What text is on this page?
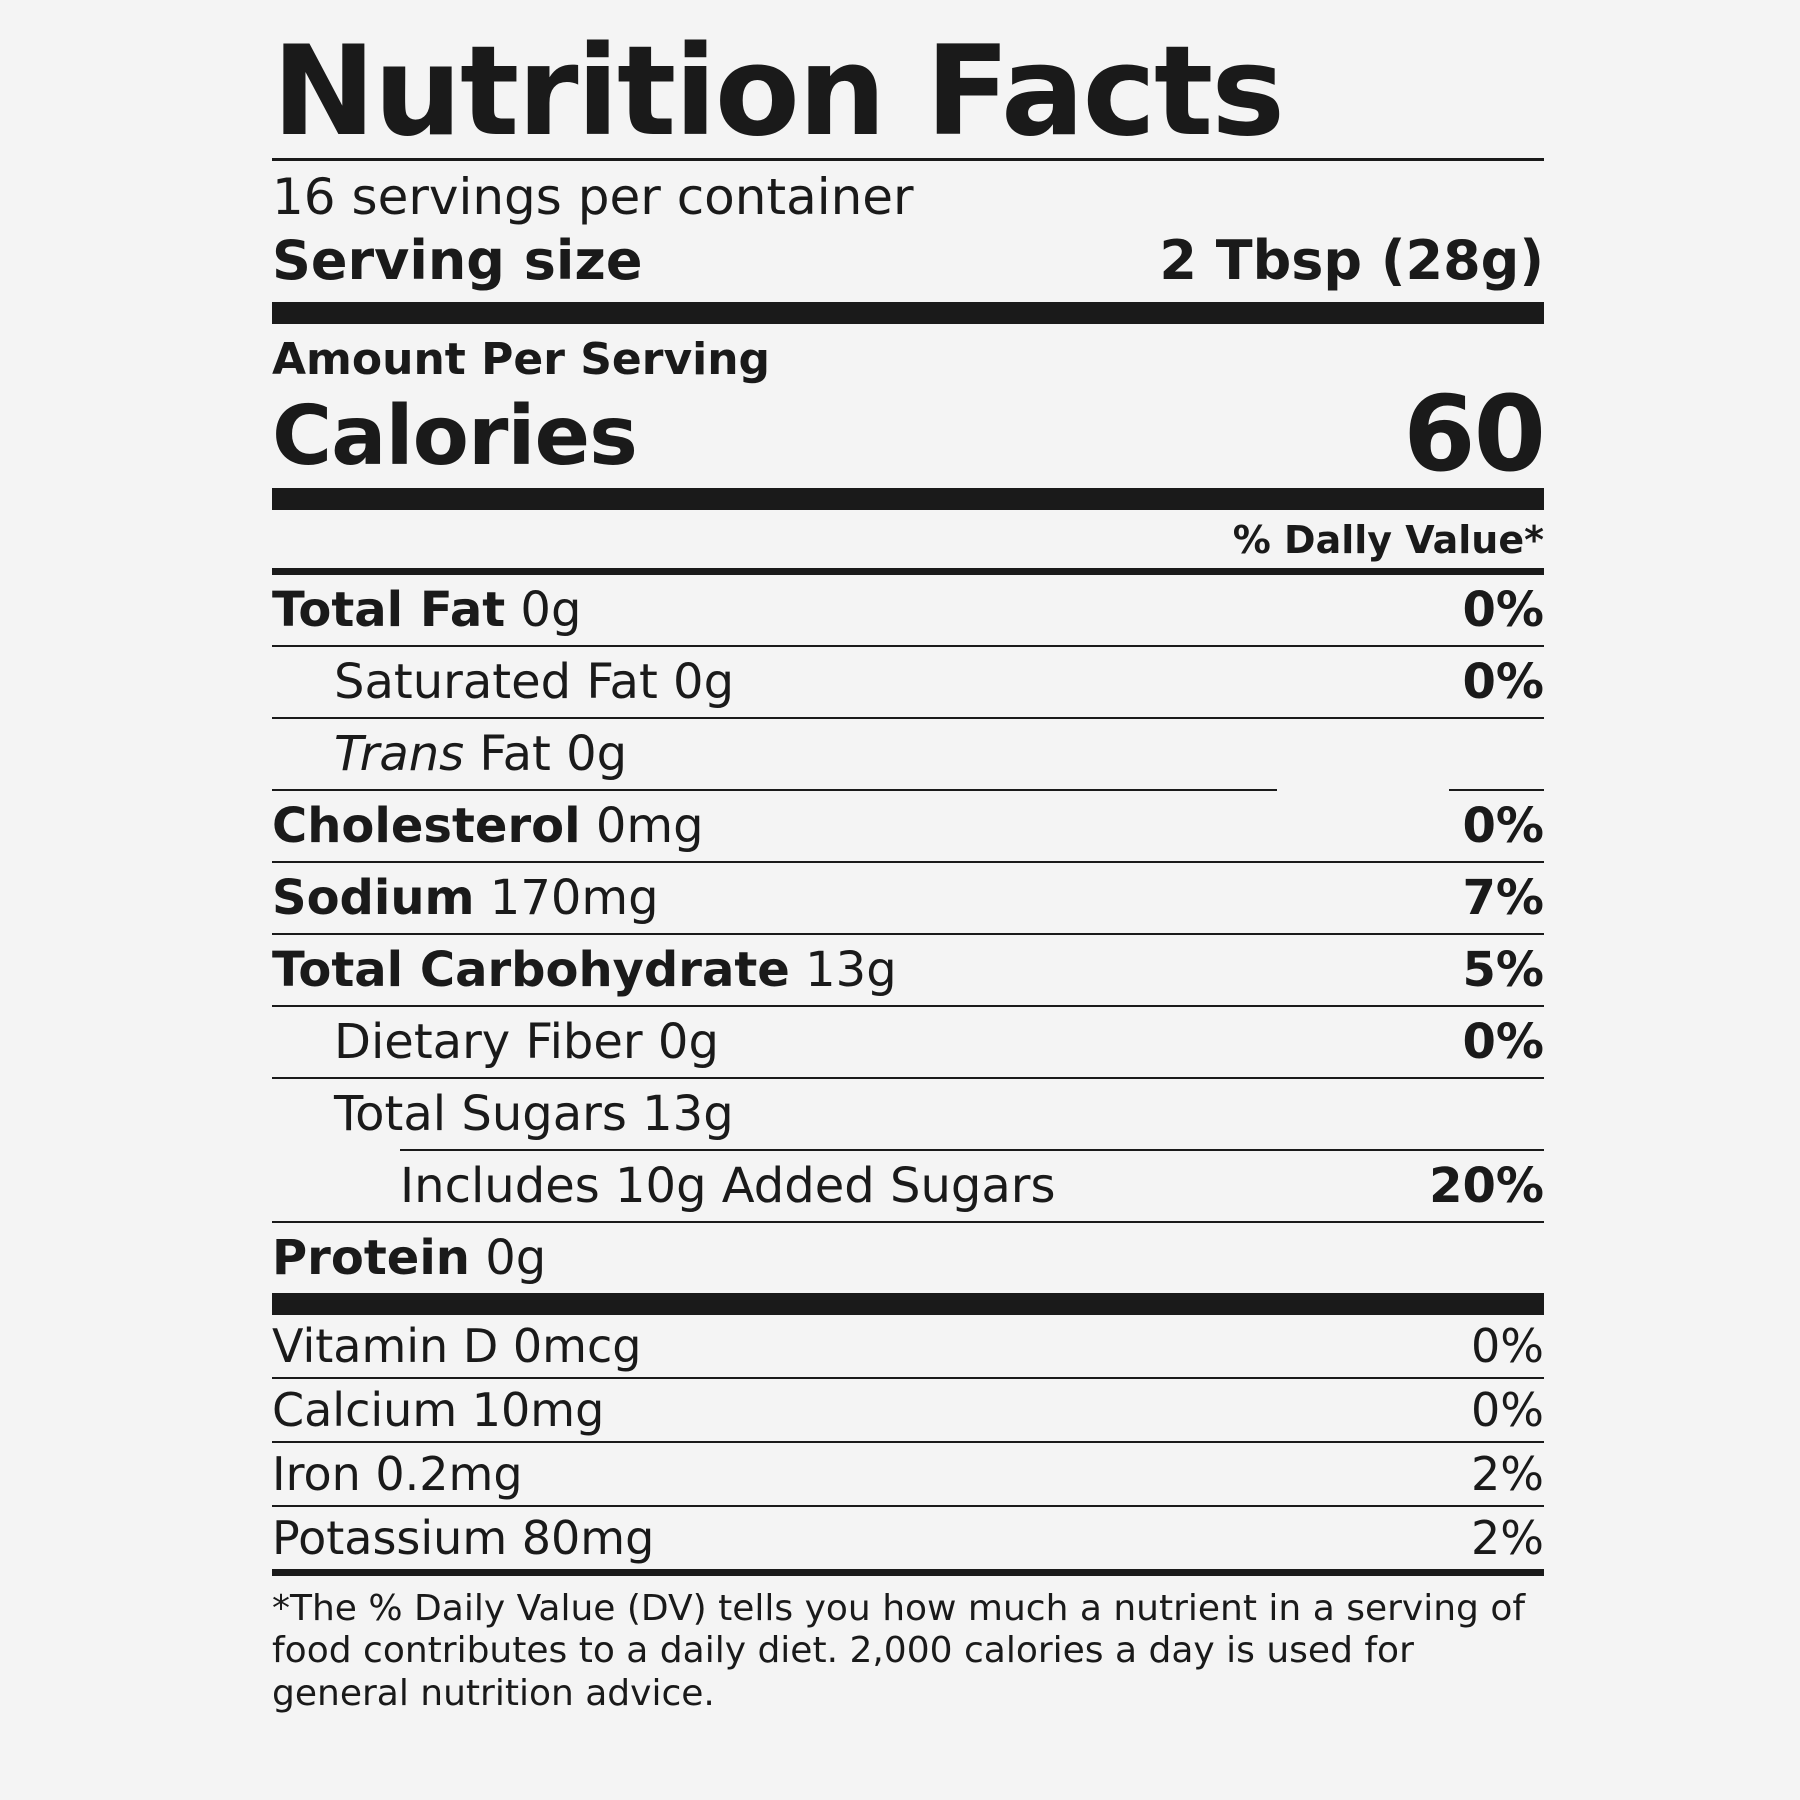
Nutrition Facts
16 servings per container
Serving size	2 Tbsp (28g)
Amount Per Serving
Calories	60
% Dally Value*
Total Fat 0g	0%
Saturated Fat 0g	0%
Trans Fat 0g
Cholesterol 0mg	0%
Sodium 170mg	7%
Total Carbohydrate 13g	5%
Dietary Fiber 0g	0%
Total Sugars 13g
Includes 10g Added Sugars	20%
Protein 0g
Vitamin D 0mcg	0%
Calcium 10mg	0%
Iron 0.2mg	2%
Potassium 80mg	2%
*The % Daily Value (DV) tells you how much a nutrient in a serving of food contributes to a daily diet. 2,000 calories a day is used for general nutrition advice.
